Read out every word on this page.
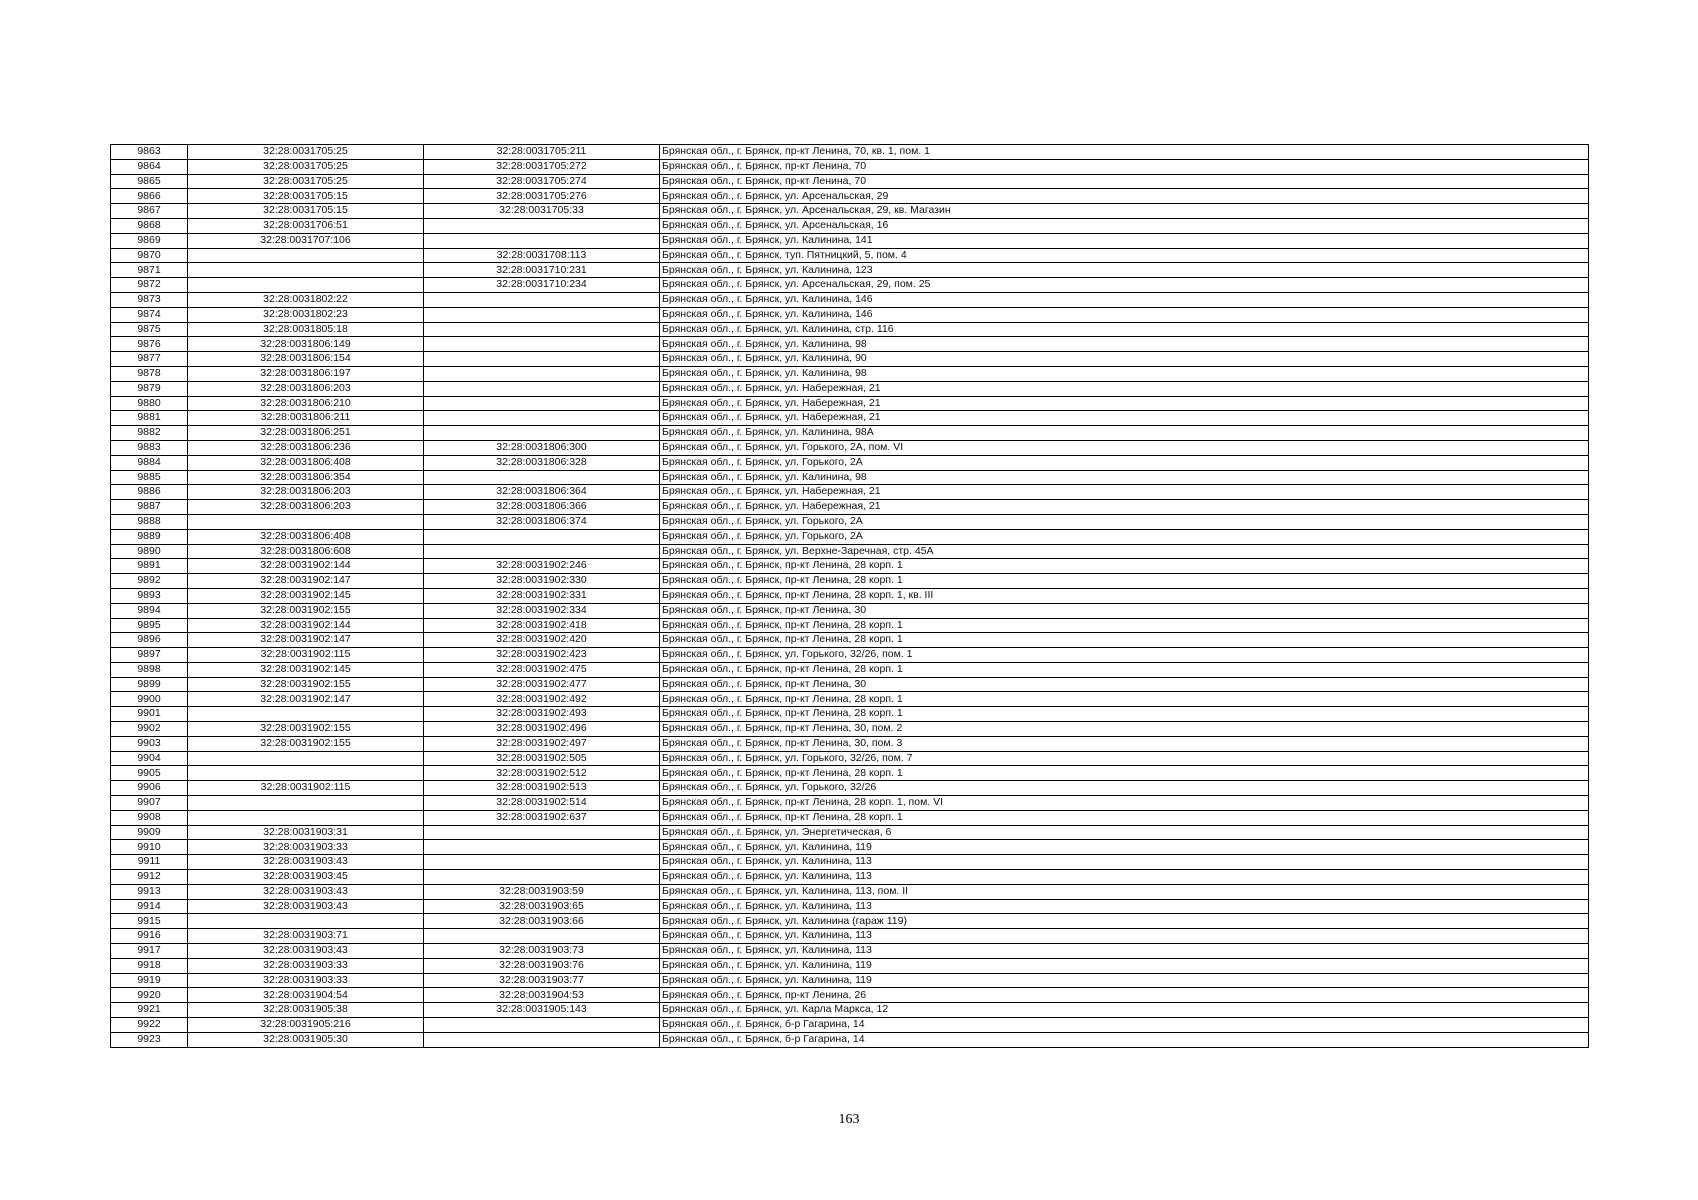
9863	32:28:0031705:25	32:28:0031705:211	Брянская обл., г. Брянск, пр-кт Ленина, 70, кв. 1, пом. 1
9864	32:28:0031705:25	32:28:0031705:272	Брянская обл., г. Брянск, пр-кт Ленина, 70
9865	32:28:0031705:25	32:28:0031705:274	Брянская обл., г. Брянск, пр-кт Ленина, 70
9866	32:28:0031705:15	32:28:0031705:276	Брянская обл., г. Брянск, ул. Арсенальская, 29
9867	32:28:0031705:15	32:28:0031705:33	Брянская обл., г. Брянск, ул. Арсенальская, 29, кв. Магазин
9868	32:28:0031706:51		Брянская обл., г. Брянск, ул. Арсенальская, 16
9869	32:28:0031707:106		Брянская обл., г. Брянск, ул. Калинина, 141
9870		32:28:0031708:113	Брянская обл., г. Брянск, туп. Пятницкий, 5, пом. 4
9871		32:28:0031710:231	Брянская обл., г. Брянск, ул. Калинина, 123
9872		32:28:0031710:234	Брянская обл., г. Брянск, ул. Арсенальская, 29, пом. 25
9873	32:28:0031802:22		Брянская обл., г. Брянск, ул. Калинина, 146
9874	32:28:0031802:23		Брянская обл., г. Брянск, ул. Калинина, 146
9875	32:28:0031805:18		Брянская обл., г. Брянск, ул. Калинина, стр. 116
9876	32:28:0031806:149		Брянская обл., г. Брянск, ул. Калинина, 98
9877	32:28:0031806:154		Брянская обл., г. Брянск, ул. Калинина, 90
9878	32:28:0031806:197		Брянская обл., г. Брянск, ул. Калинина, 98
9879	32:28:0031806:203		Брянская обл., г. Брянск, ул. Набережная, 21
9880	32:28:0031806:210		Брянская обл., г. Брянск, ул. Набережная, 21
9881	32:28:0031806:211		Брянская обл., г. Брянск, ул. Набережная, 21
9882	32:28:0031806:251		Брянская обл., г. Брянск, ул. Калинина, 98А
9883	32:28:0031806:236	32:28:0031806:300	Брянская обл., г. Брянск, ул. Горького, 2А, пом. VI
9884	32:28:0031806:408	32:28:0031806:328	Брянская обл., г. Брянск, ул. Горького, 2А
9885	32:28:0031806:354		Брянская обл., г. Брянск, ул. Калинина, 98
9886	32:28:0031806:203	32:28:0031806:364	Брянская обл., г. Брянск, ул. Набережная, 21
9887	32:28:0031806:203	32:28:0031806:366	Брянская обл., г. Брянск, ул. Набережная, 21
9888		32:28:0031806:374	Брянская обл., г. Брянск, ул. Горького, 2А
9889	32:28:0031806:408		Брянская обл., г. Брянск, ул. Горького, 2А
9890	32:28:0031806:608		Брянская обл., г. Брянск, ул. Верхне-Заречная, стр. 45А
9891	32:28:0031902:144	32:28:0031902:246	Брянская обл., г. Брянск, пр-кт Ленина, 28 корп. 1
9892	32:28:0031902:147	32:28:0031902:330	Брянская обл., г. Брянск, пр-кт Ленина, 28 корп. 1
9893	32:28:0031902:145	32:28:0031902:331	Брянская обл., г. Брянск, пр-кт Ленина, 28 корп. 1, кв. III
9894	32:28:0031902:155	32:28:0031902:334	Брянская обл., г. Брянск, пр-кт Ленина, 30
9895	32:28:0031902:144	32:28:0031902:418	Брянская обл., г. Брянск, пр-кт Ленина, 28 корп. 1
9896	32:28:0031902:147	32:28:0031902:420	Брянская обл., г. Брянск, пр-кт Ленина, 28 корп. 1
9897	32:28:0031902:115	32:28:0031902:423	Брянская обл., г. Брянск, ул. Горького, 32/26, пом. 1
9898	32:28:0031902:145	32:28:0031902:475	Брянская обл., г. Брянск, пр-кт Ленина, 28 корп. 1
9899	32:28:0031902:155	32:28:0031902:477	Брянская обл., г. Брянск, пр-кт Ленина, 30
9900	32:28:0031902:147	32:28:0031902:492	Брянская обл., г. Брянск, пр-кт Ленина, 28 корп. 1
9901		32:28:0031902:493	Брянская обл., г. Брянск, пр-кт Ленина, 28 корп. 1
9902	32:28:0031902:155	32:28:0031902:496	Брянская обл., г. Брянск, пр-кт Ленина, 30, пом. 2
9903	32:28:0031902:155	32:28:0031902:497	Брянская обл., г. Брянск, пр-кт Ленина, 30, пом. 3
9904		32:28:0031902:505	Брянская обл., г. Брянск, ул. Горького, 32/26, пом. 7
9905		32:28:0031902:512	Брянская обл., г. Брянск, пр-кт Ленина, 28 корп. 1
9906	32:28:0031902:115	32:28:0031902:513	Брянская обл., г. Брянск, ул. Горького, 32/26
9907		32:28:0031902:514	Брянская обл., г. Брянск, пр-кт Ленина, 28 корп. 1, пом. VI
9908		32:28:0031902:637	Брянская обл., г. Брянск, пр-кт Ленина, 28 корп. 1
9909	32:28:0031903:31		Брянская обл., г. Брянск, ул. Энергетическая, 6
9910	32:28:0031903:33		Брянская обл., г. Брянск, ул. Калинина, 119
9911	32:28:0031903:43		Брянская обл., г. Брянск, ул. Калинина, 113
9912	32:28:0031903:45		Брянская обл., г. Брянск, ул. Калинина, 113
9913	32:28:0031903:43	32:28:0031903:59	Брянская обл., г. Брянск, ул. Калинина, 113, пом. II
9914	32:28:0031903:43	32:28:0031903:65	Брянская обл., г. Брянск, ул. Калинина, 113
9915		32:28:0031903:66	Брянская обл., г. Брянск, ул. Калинина (гараж 119)
9916	32:28:0031903:71		Брянская обл., г. Брянск, ул. Калинина, 113
9917	32:28:0031903:43	32:28:0031903:73	Брянская обл., г. Брянск, ул. Калинина, 113
9918	32:28:0031903:33	32:28:0031903:76	Брянская обл., г. Брянск, ул. Калинина, 119
9919	32:28:0031903:33	32:28:0031903:77	Брянская обл., г. Брянск, ул. Калинина, 119
9920	32:28:0031904:54	32:28:0031904:53	Брянская обл., г. Брянск, пр-кт Ленина, 26
9921	32:28:0031905:38	32:28:0031905:143	Брянская обл., г. Брянск, ул. Карла Маркса, 12
9922	32:28:0031905:216		Брянская обл., г. Брянск, б-р Гагарина, 14
9923	32:28:0031905:30		Брянская обл., г. Брянск, б-р Гагарина, 14
163
